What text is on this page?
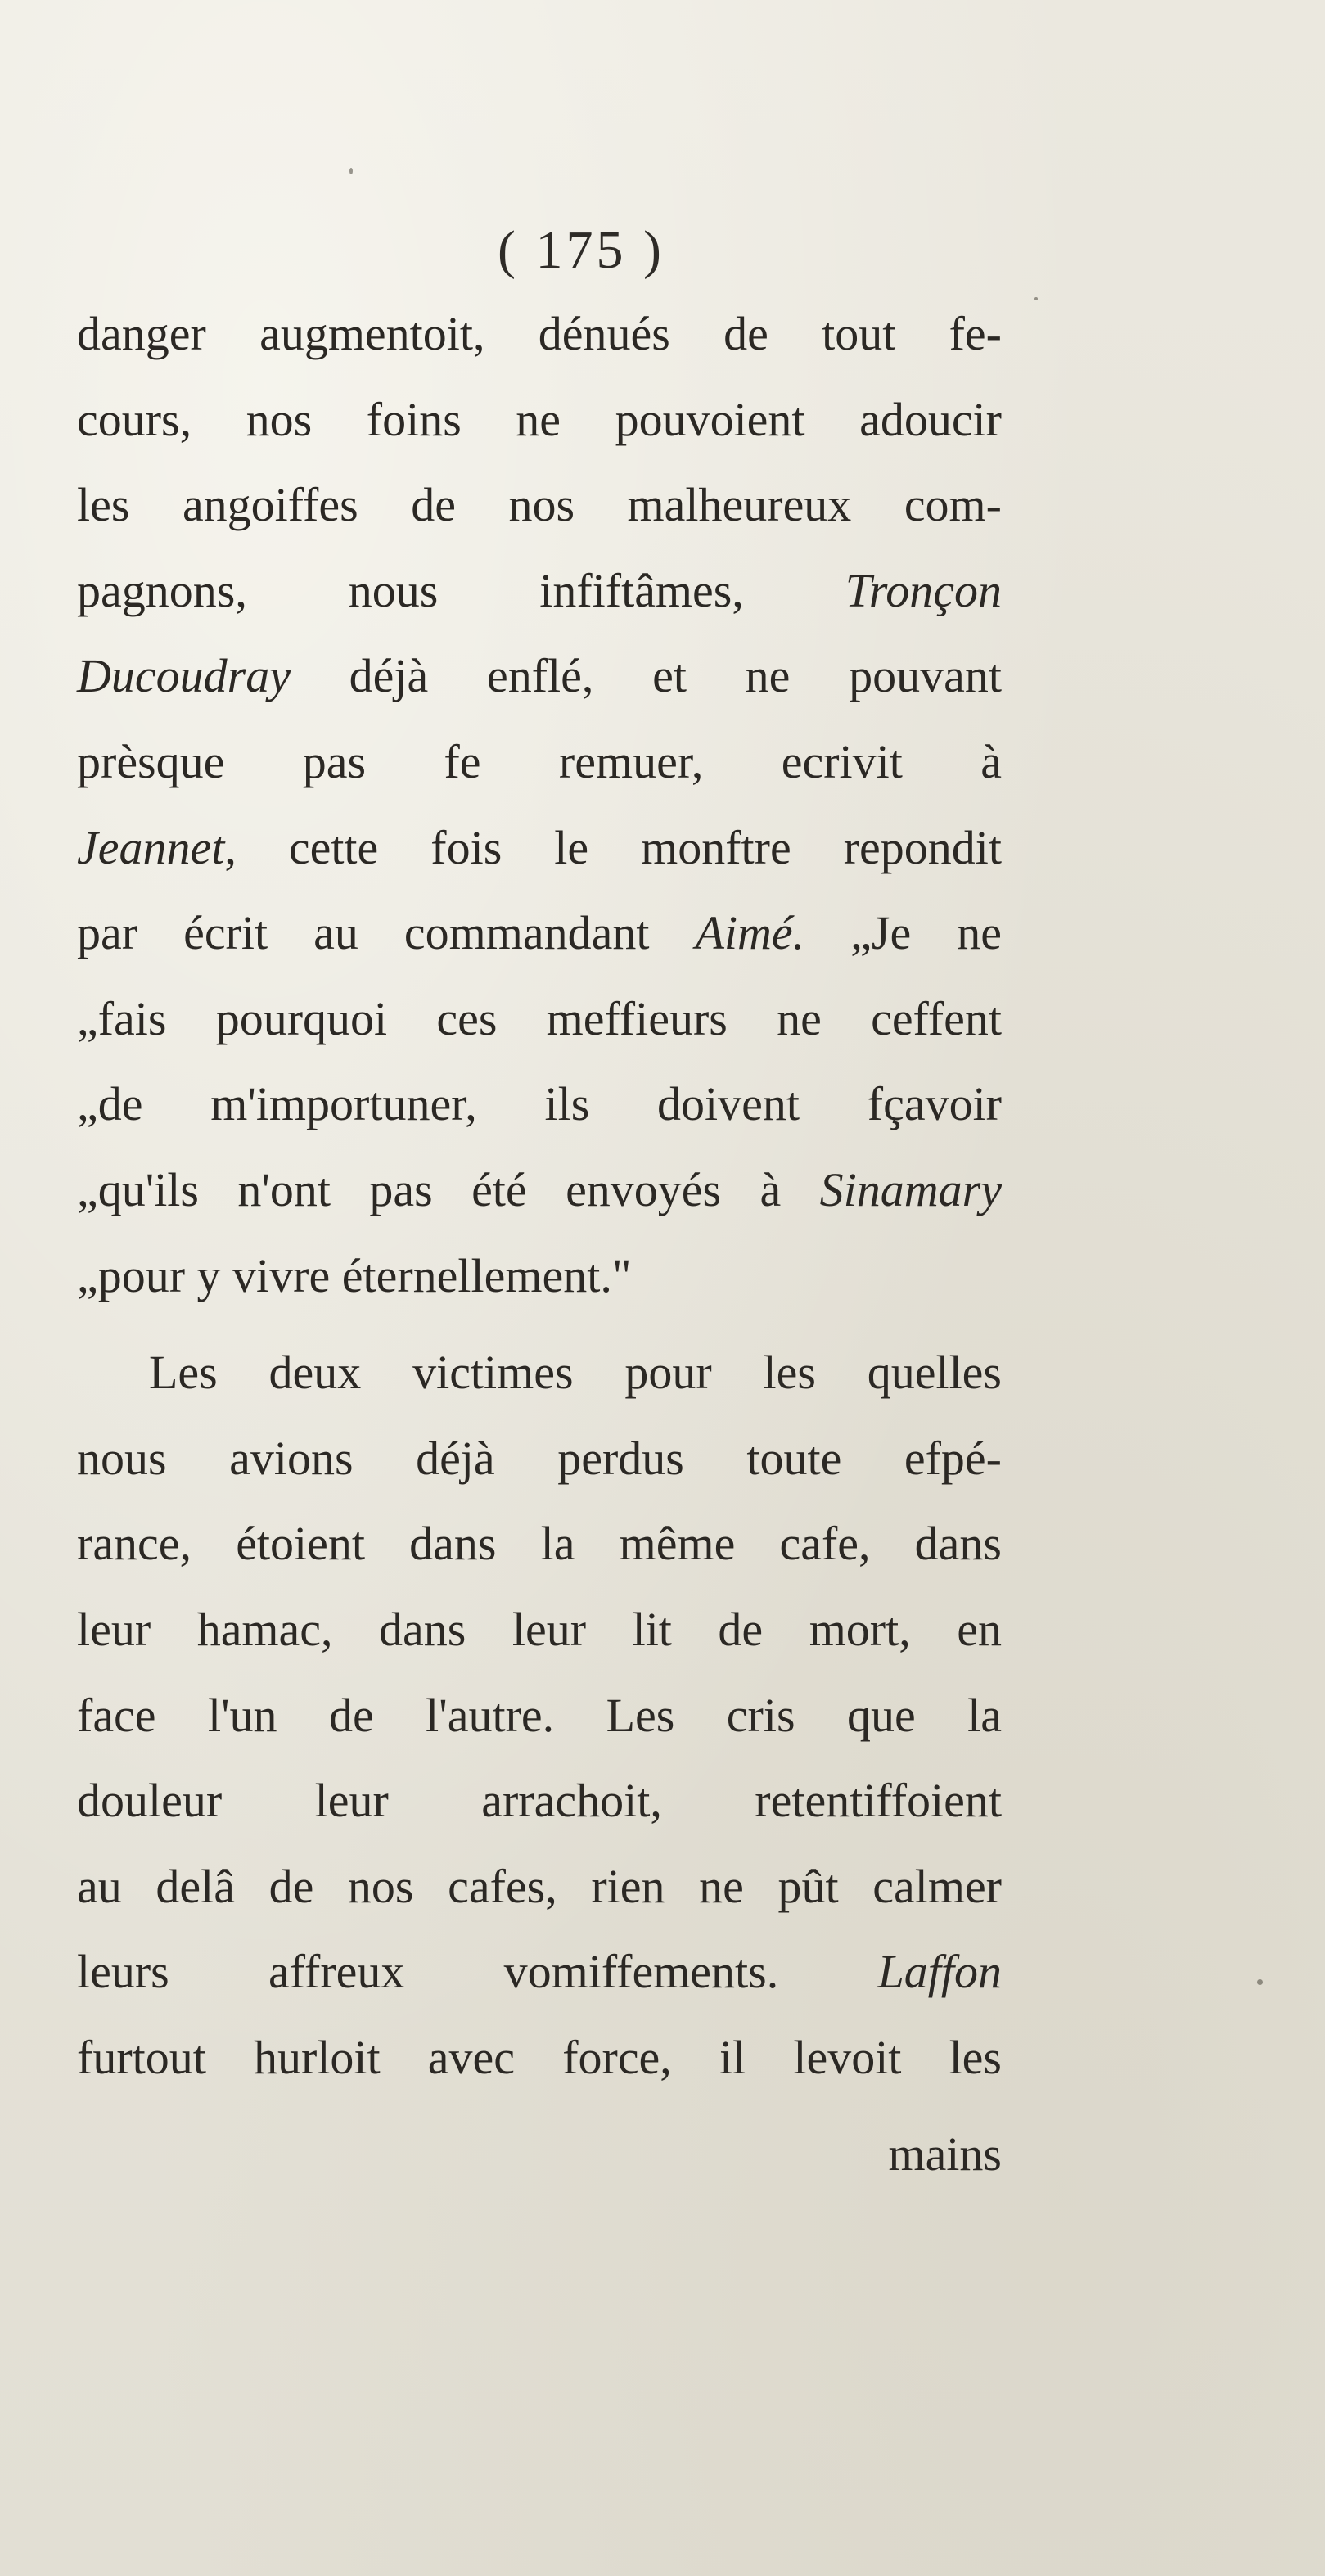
( 175 )
danger augmentoit, dénués de tout fe-
cours, nos foins ne pouvoient adoucir
les angoiffes de nos malheureux com-
pagnons, nous infiftâmes, Tronçon
Ducoudray déjà enflé, et ne pouvant
prèsque pas fe remuer, ecrivit à
Jeannet, cette fois le monftre repondit
par écrit au commandant Aimé. „Je ne
„fais pourquoi ces meffieurs ne ceffent
„de m'importuner, ils doivent fçavoir
„qu'ils n'ont pas été envoyés à Sinamary
„pour y vivre éternellement."
Les deux victimes pour les quelles
nous avions déjà perdus toute efpé-
rance, étoient dans la même cafe, dans
leur hamac, dans leur lit de mort, en
face l'un de l'autre. Les cris que la
douleur leur arrachoit, retentiffoient
au delâ de nos cafes, rien ne pût calmer
leurs affreux vomiffements. Laffon
furtout hurloit avec force, il levoit les
mains
